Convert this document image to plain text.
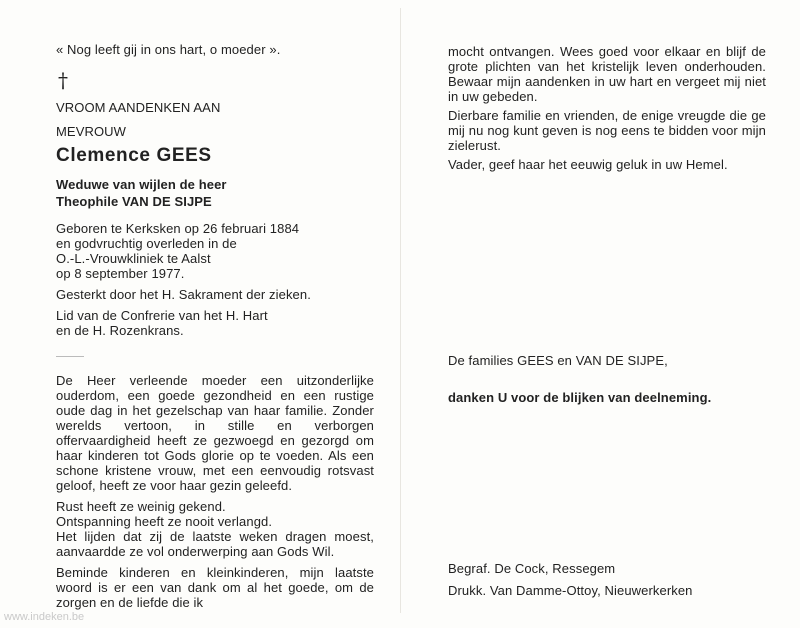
« Nog leeft gij in ons hart, o moeder ».

†

VROOM AANDENKEN AAN

MEVROUW

Clemence GEES

Weduwe van wijlen de heer

Theophile VAN DE SIJPE

Geboren te Kerksken op 26 februari 1884

en godvruchtig overleden in de

O.-L.-Vrouwkliniek te Aalst

op 8 september 1977.

Gesterkt door het H. Sakrament der zieken.

Lid van de Confrerie van het H. Hart

en de H. Rozenkrans.

De Heer verleende moeder een uitzonderlijke ouderdom, een goede gezondheid en een rustige oude dag in het gezelschap van haar familie. Zonder werelds vertoon, in stille en verborgen offervaardigheid heeft ze gezwoegd en gezorgd om haar kinderen tot Gods glorie op te voeden. Als een schone kristene vrouw, met een eenvoudig rotsvast geloof, heeft ze voor haar gezin geleefd.

Rust heeft ze weinig gekend.

Ontspanning heeft ze nooit verlangd.

Het lijden dat zij de laatste weken dragen moest, aanvaardde ze vol onderwerping aan Gods Wil.

Beminde kinderen en kleinkinderen, mijn laatste woord is er een van dank om al het goede, om de zorgen en de liefde die ik

mocht ontvangen. Wees goed voor elkaar en blijf de grote plichten van het kristelijk leven onderhouden. Bewaar mijn aandenken in uw hart en vergeet mij niet in uw gebeden.

Dierbare familie en vrienden, de enige vreugde die ge mij nu nog kunt geven is nog eens te bidden voor mijn zielerust.

Vader, geef haar het eeuwig geluk in uw Hemel.

De families GEES en VAN DE SIJPE,

danken U voor de blijken van deelneming.

Begraf. De Cock, Ressegem

Drukk. Van Damme-Ottoy, Nieuwerkerken

www.indeken.be
